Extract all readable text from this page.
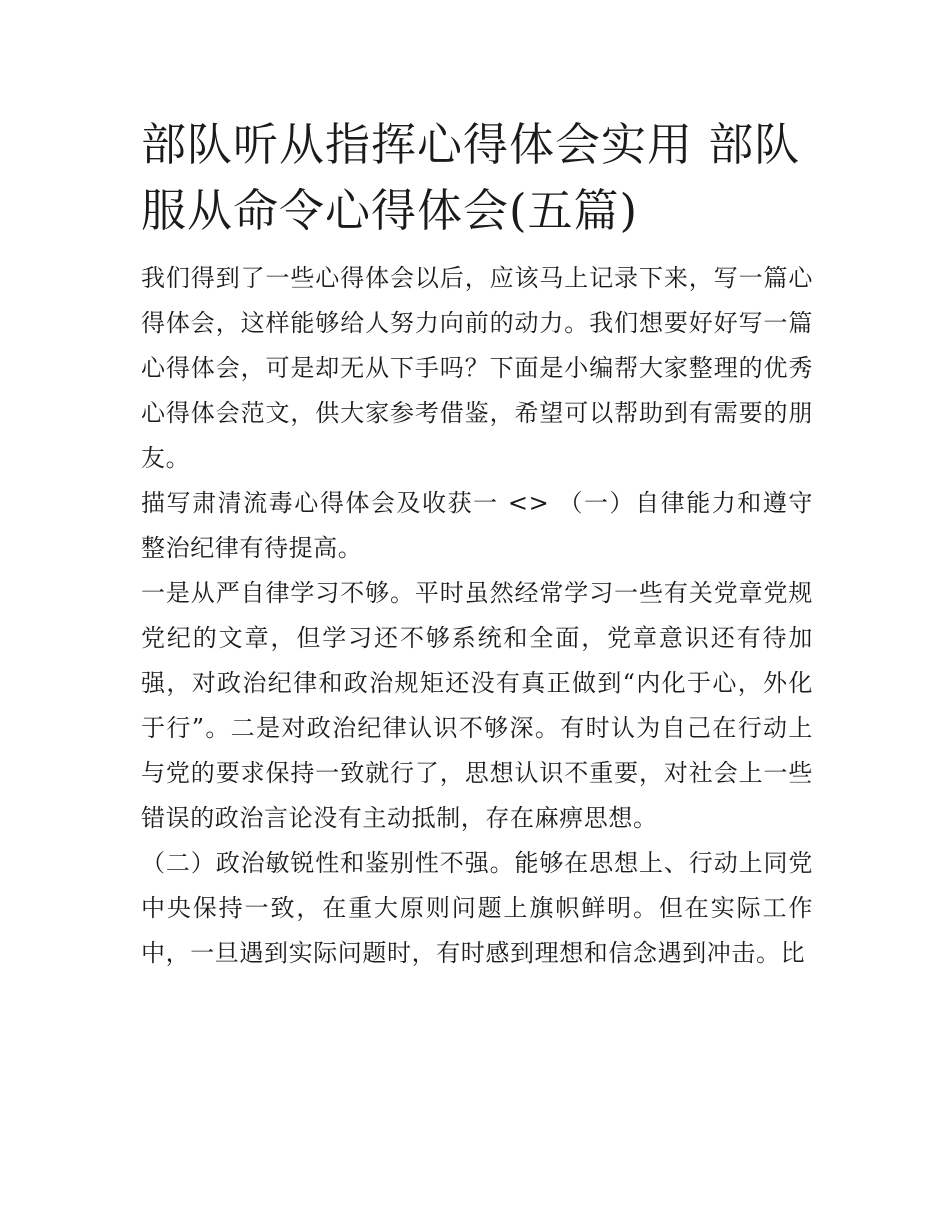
部队听从指挥心得体会实用 部队服从命令心得体会(五篇)

我们得到了一些心得体会以后，应该马上记录下来，写一篇心得体会，这样能够给人努力向前的动力。我们想要好好写一篇心得体会，可是却无从下手吗？下面是小编帮大家整理的优秀心得体会范文，供大家参考借鉴，希望可以帮助到有需要的朋友。

描写肃清流毒心得体会及收获一 <> （一）自律能力和遵守整治纪律有待提高。

一是从严自律学习不够。平时虽然经常学习一些有关党章党规党纪的文章，但学习还不够系统和全面，党章意识还有待加强，对政治纪律和政治规矩还没有真正做到“内化于心，外化于行”。二是对政治纪律认识不够深。有时认为自己在行动上与党的要求保持一致就行了，思想认识不重要，对社会上一些错误的政治言论没有主动抵制，存在麻痹思想。

（二）政治敏锐性和鉴别性不强。能够在思想上、行动上同党中央保持一致，在重大原则问题上旗帜鲜明。但在实际工作中，一旦遇到实际问题时，有时感到理想和信念遇到冲击。比
